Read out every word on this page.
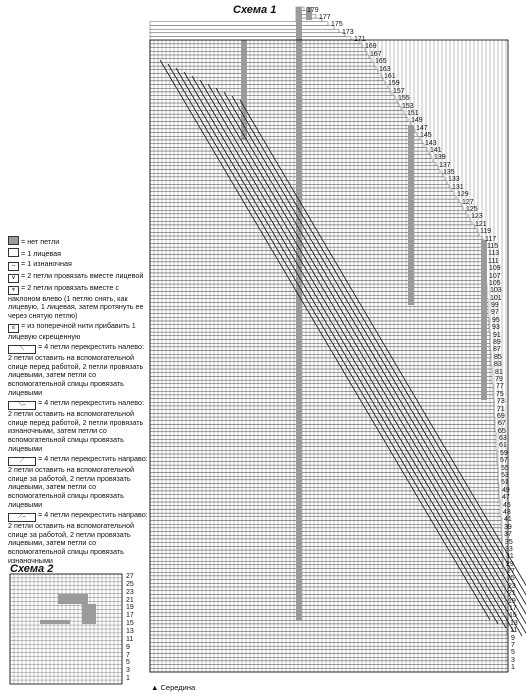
Схема 1	179
177
175
173
171
169
167
165
163
161
159
157
155
153
151
149
147
145
143
141
139
137
135
133
131
129
127
125
123
121
119
117
115
113
111
109
107
105
103
101
99
97
95
93
91
89
87
85
83
81
79
77
75
73
71
69
67
65
63
61
59
57
55
53
51
49
47
45
43
41
39
37
35
33
31
29
27
25
23
21
19
17
15
13
11
9
7
5
3
1
= нет петли
= 1 лицевая
– = 1 изнаночная
∨ = 2 петли провязать вместе лицевой
⩔ = 2 петли провязать вместе с наклоном влево (1 петлю снять, как лицевую, 1 лицевая, затем протянуть ее через снятую петлю)
≤ = из поперечной нити прибавить 1 лицевую скрещенную
⟍ = 4 петли перекрестить налево: 2 петли оставить на вспомогательной спице перед работой, 2 петли провязать лицевыми, затем петли со вспомогательной спицы провязать лицевыми
⟍– = 4 петли перекрестить налево: 2 петли оставить на вспомогательной спице перед работой, 2 петли провязать изнаночными, затем петли со вспомогательной спицы провязать лицевыми
⟋ = 4 петли перекрестить направо: 2 петли оставить на вспомогательной спице за работой, 2 петли провязать лицевыми, затем петли со вспомогательной спицы провязать лицевыми
⟋– = 4 петли перекрестить направо: 2 петли оставить на вспомогательной спице за работой, 2 петли провязать лицевыми, затем петли со вспомогательной спицы провязать изнаночными
Схема 2
27
25
23
21
19
17
15
13
11
9
7
5
3
1
▲ Середина
